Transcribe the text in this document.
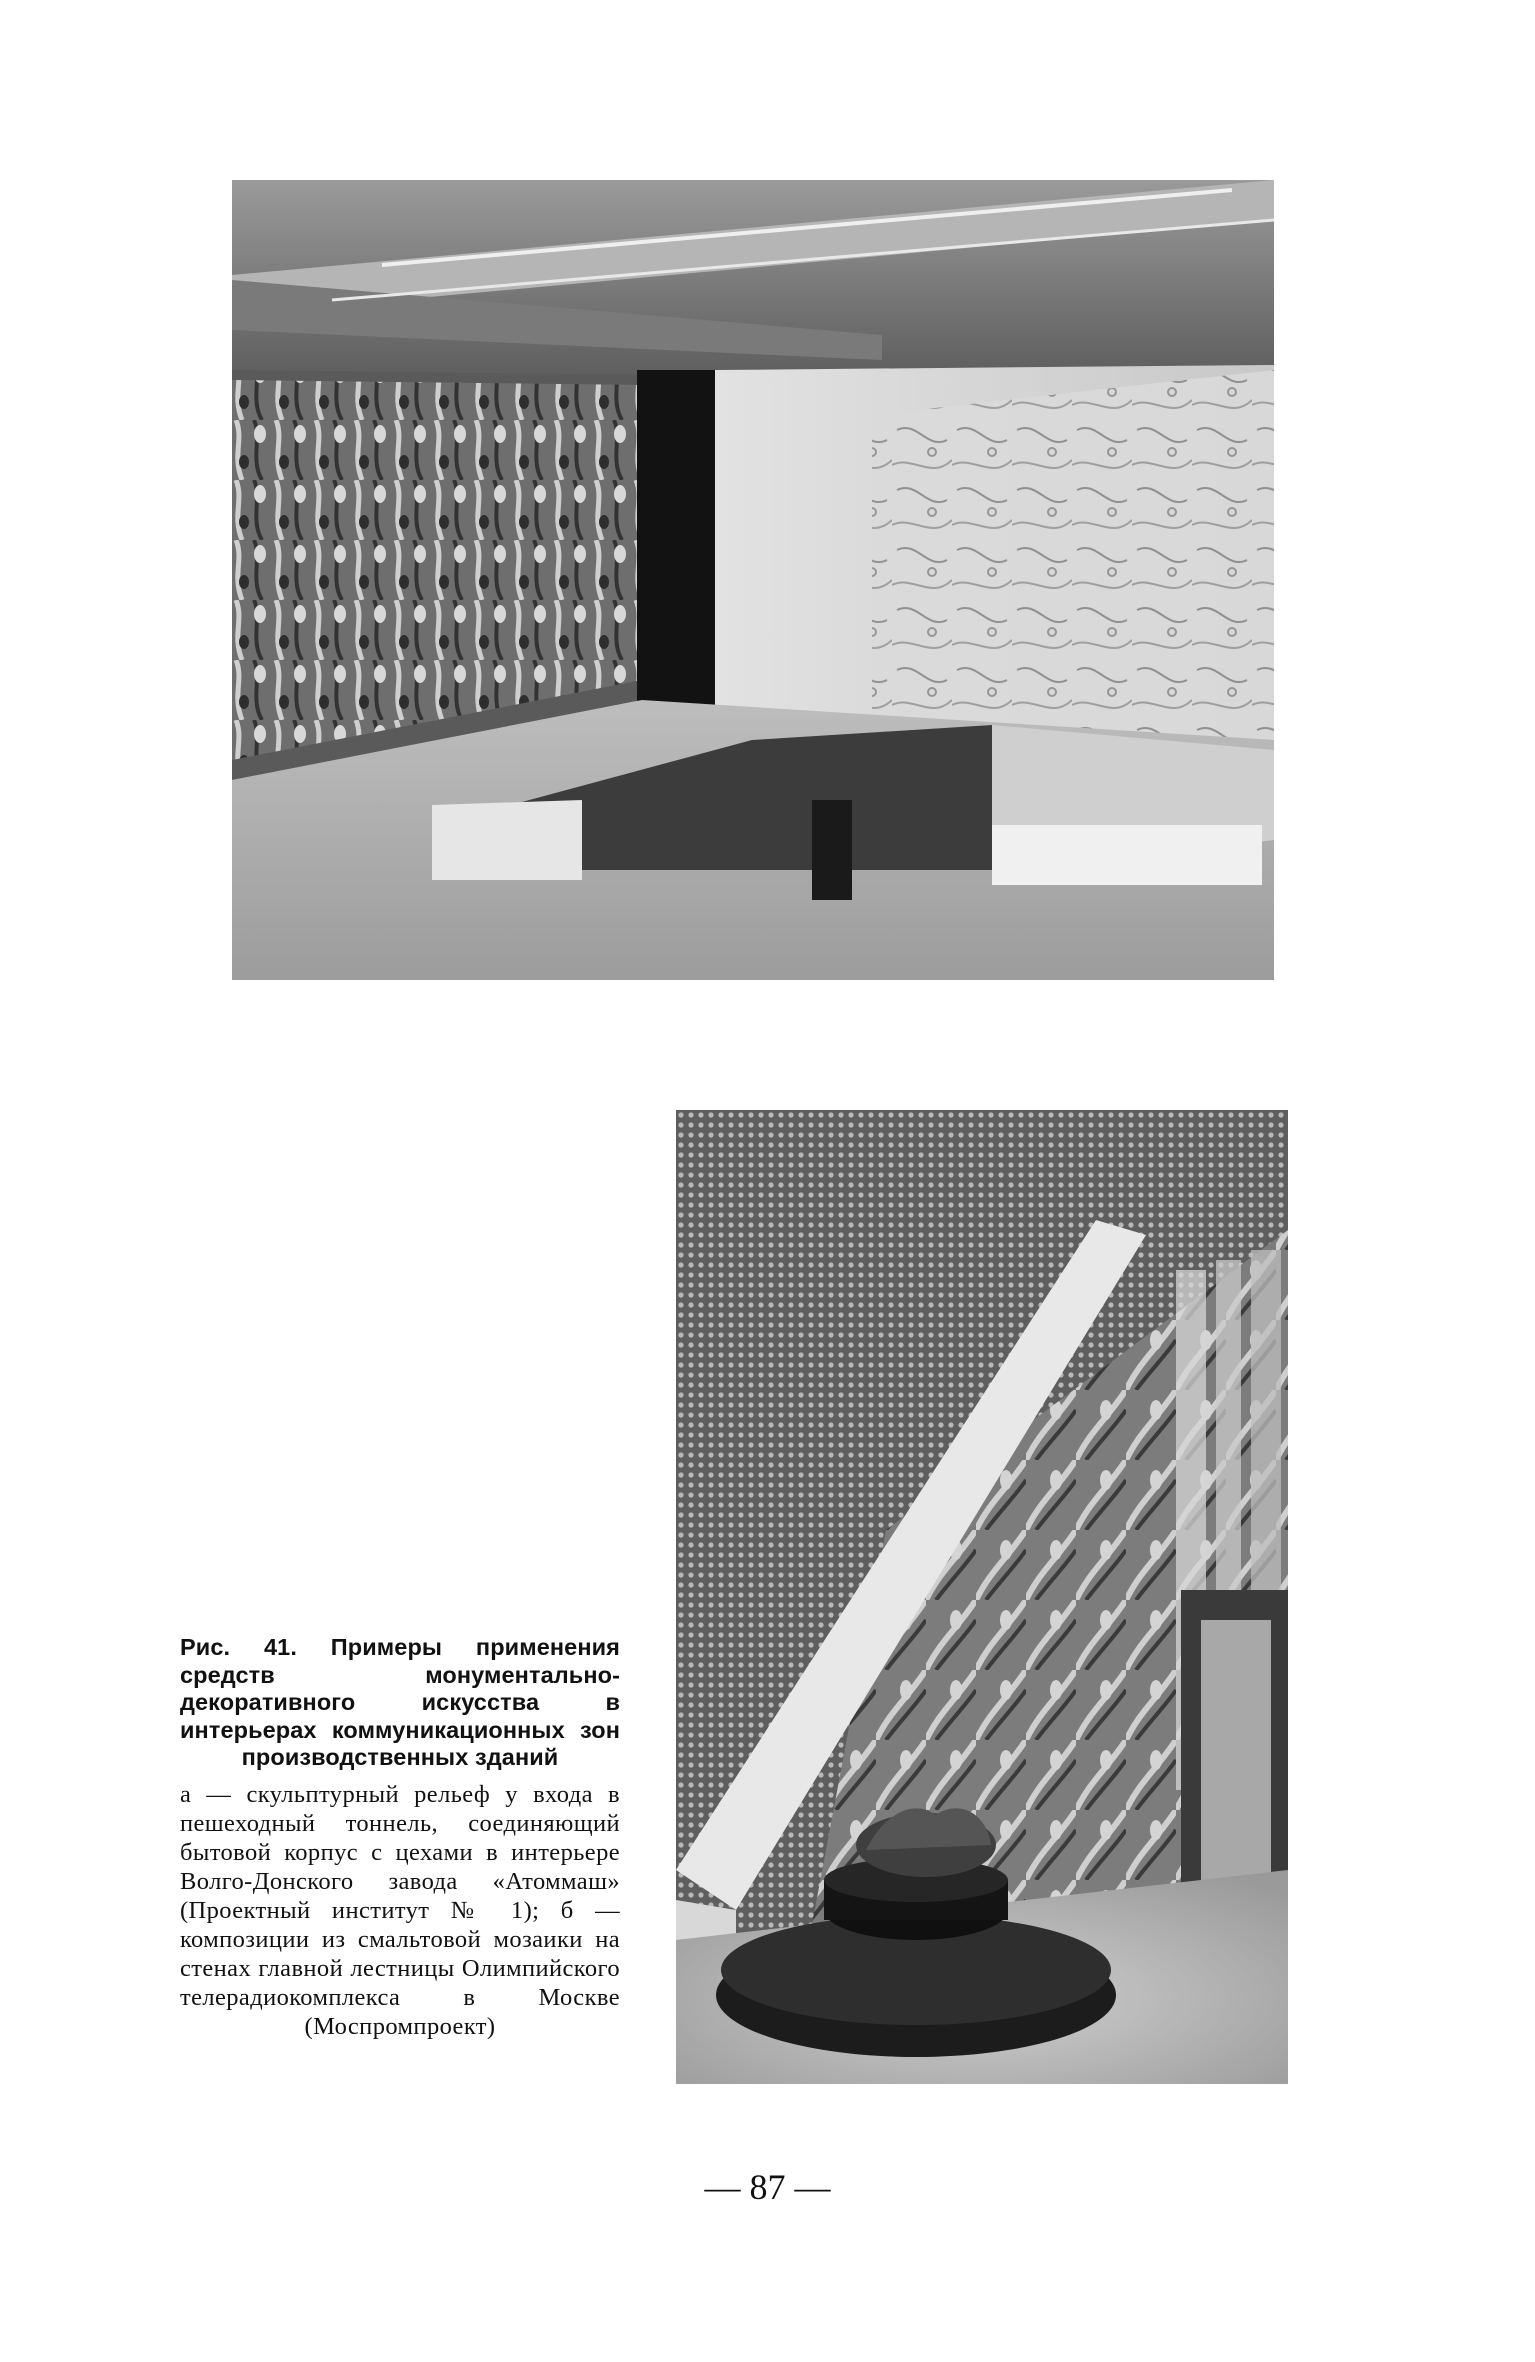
Рис. 41. Примеры применения средств монументально-декоративного искусства в интерьерах коммуникационных зон производственных зданий

а — скульптурный рельеф у входа в пешеходный тоннель, соединяющий бытовой корпус с цехами в интерьере Волго-Донского завода «Атоммаш» (Проектный институт № 1); б — композиции из смальтовой мозаики на стенах главной лестницы Олимпийского телерадиокомплекса в Москве (Моспромпроект)

— 87 —
